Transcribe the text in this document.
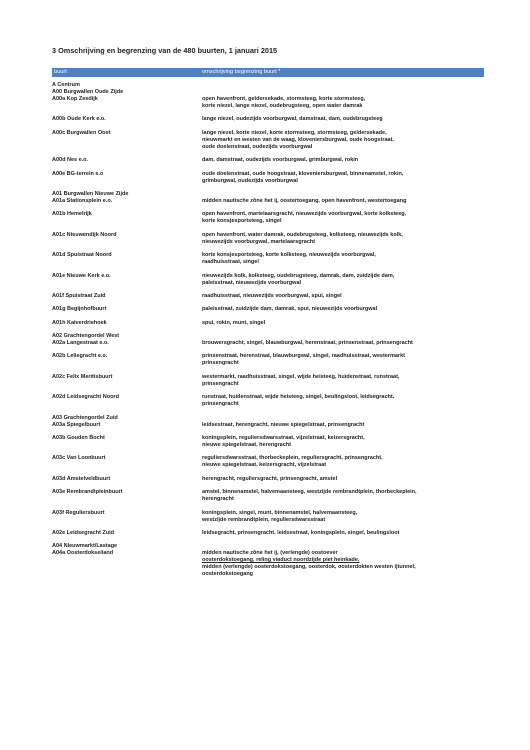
3 Omschrijving en begrenzing van de 480 buurten, 1 januari 2015
buurt	omschrijving begrenzing buurt *
A Centrum
A00 Burgwallen Oude Zijde
A00a Kop Zeedijk	open havenfront, geldersekade, stormsteeg, korte stormsteeg,
korte niezel, lange niezel, oudebrugsteeg, open water damrak
A00b Oude Kerk e.o.	lange niezel, oudezijds voorburgwal, damstraat, dam, oudebrugsteeg
A00c Burgwallen Oost	lange niezel, korte niezel, korte stormsteeg, stormsteeg, geldersekade,
nieuwmarkt en westen van de waag, kloveniersburgwal, oude hoogstraat,
oude doelenstraat, oudezijds voorburgwal
A00d Nes e.o.	dam, damstraat, oudezijds voorburgwal, grimburgwal, rokin
A00e BG-terrein e.o	oude doelenstraat, oude hoogstraat, kloveniersburgwal, binnenamstel, rokin,
grimburgwal, oudezijds voorburgwal
A01 Burgwallen Nieuwe Zijde
A01a Stationsplein e.o.	midden nautische zône het ij, oostertoegang, open havenfront, westertoegang
A01b Hemelrijk	open havenfront, martelaarsgracht, nieuwezijds voorburgwal, korte kolksteeg,
korte konsjesportsteeg, singel
A01c Nieuwendijk Noord	open havenfront, water damrak, oudebrugsteeg, kolksteeg, nieuwezijds kolk,
nieuwezijds voorburgwal, martelaarsgracht
A01d Spuistraat Noord	korte konsjesportsteeg, korte kolksteeg, nieuwezijds voorburgwal,
raadhuisstraat, singel
A01e Nieuwe Kerk e.o.	nieuwezijds kolk, kolksteeg, oudebrugsteeg, damrak, dam, zuidzijde dam,
paleisstraat, nieuwezijds voorburgwal
A01f Spuistraat Zuid	raadhuisstraat, nieuwezijds voorburgwal, spui, singel
A01g Begijnhofbuurt	paleisstraat, zuidzijde dam, damrak, spui, nieuwezijds voorburgwal
A01h Kalverdriehoek	spui, rokin, munt, singel
A02 Grachtengordel West
A02a Langestraat e.o.	brouwersgracht, singel, blauwburgwal, herenstraat, prinsenstraat, prinsengracht
A02b Leliegracht e.o.	prinsenstraat, herenstraat, blauwburgwal, singel, raadhuisstraat, westermarkt
prinsengracht
A02c Felix Meritisbuurt	westermarkt, raadhuisstraat, singel, wijde heisteeg, huidenstraat, runstraat,
prinsengracht
A02d Leidsegracht Noord	runstraat, huidenstraat, wijde heisteeg, singel, beulingsloot, leidsegracht,
prinsengracht
A03 Grachtengordel Zuid
A03a Spiegelbuurt	leidsestraat, herengracht, nieuwe spiegelstraat, prinsengracht
A03b Gouden Bocht	koningsplein, reguliersdwarsstraat, vijzelstraat, keizersgracht,
nieuwe spiegelstraat, herengracht
A03c Van Loonbuurt	reguliersdwarsstraat, thorbeckeplein, reguliersgracht, prinsengracht,
nieuwe spiegelstraat, keizersgracht, vijzelstraat
A03d Amstelveldbuurt	herengracht, reguliersgracht, prinsengracht, amstel
A03e Rembrandtpleinbuurt	amstel, binnenamstel, halvemaansteeg, westzijde rembrandtplein, thorbeckeplein,
herengracht
A03f Reguliersbuurt	koningsplein, singel, munt, binnenamstel, halvemaansteeg,
westzijde rembrandtplein, reguliersdwarsstraat
A02e Leidsegracht Zuid	leidsegracht, prinsengracht, leidsestraat, koningsplein, singel, beulingsloot
A04 Nieuwmarkt/Lastage
A04a Oosterdokseiland	midden nautische zône het ij, (verlengde) oostoever
oosterdokstoegang, reling viaduct noordzijde piet heinkade,
midden (verlengde) oosterdokstoegang, oosterdok, oosterdokten westen ijtunnel,
oosterdokstoegang
